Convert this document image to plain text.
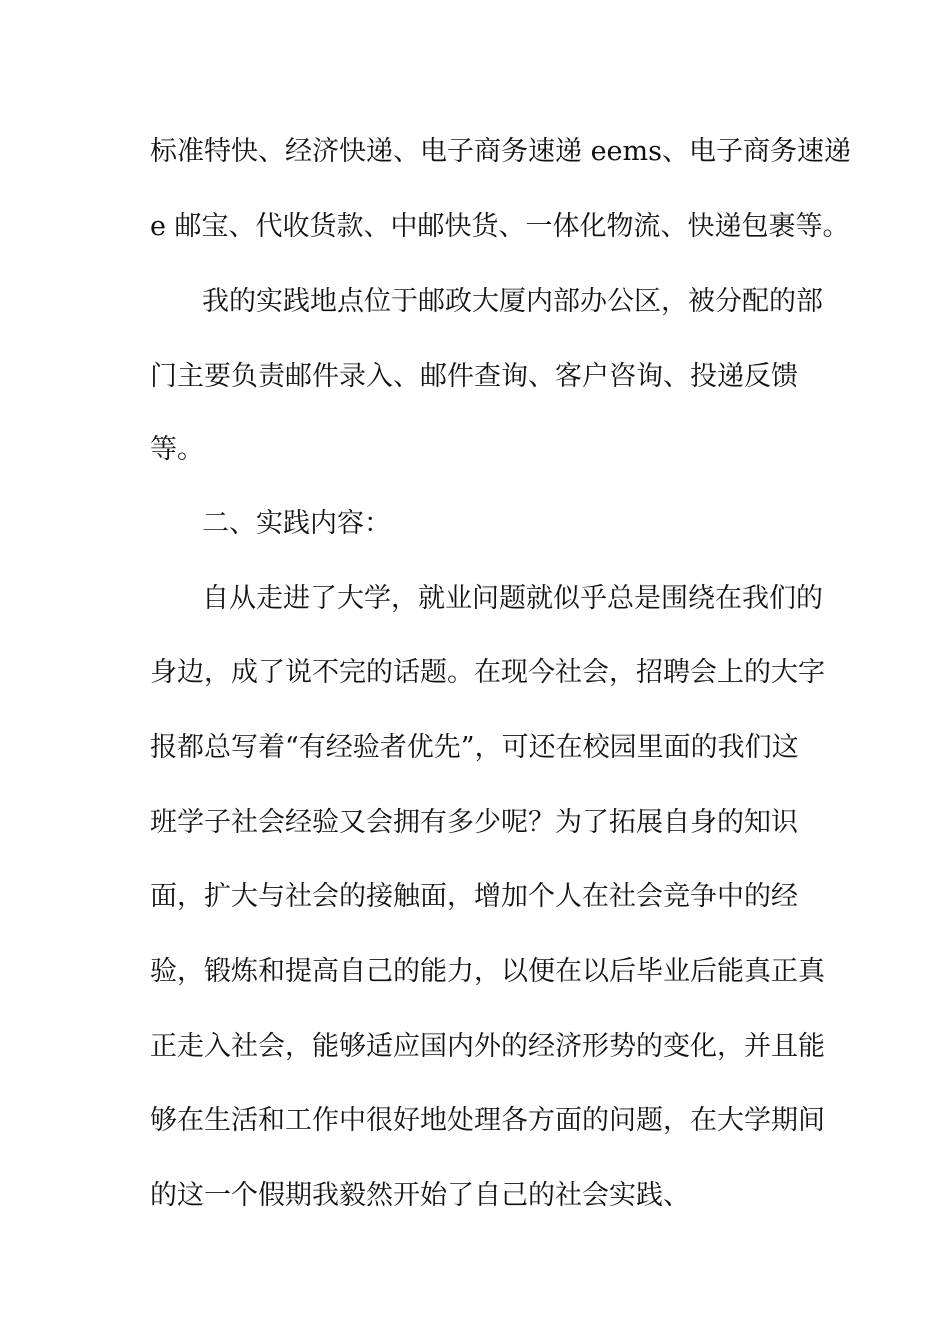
标准特快、经济快递、电子商务速递 eems、电子商务速递
e 邮宝、代收货款、中邮快货、一体化物流、快递包裹等。
我的实践地点位于邮政大厦内部办公区，被分配的部
门主要负责邮件录入、邮件查询、客户咨询、投递反馈
等。
二、实践内容：
自从走进了大学，就业问题就似乎总是围绕在我们的
身边，成了说不完的话题。在现今社会，招聘会上的大字
报都总写着“有经验者优先”，可还在校园里面的我们这
班学子社会经验又会拥有多少呢？为了拓展自身的知识
面，扩大与社会的接触面，增加个人在社会竞争中的经
验，锻炼和提高自己的能力，以便在以后毕业后能真正真
正走入社会，能够适应国内外的经济形势的变化，并且能
够在生活和工作中很好地处理各方面的问题，在大学期间
的这一个假期我毅然开始了自己的社会实践、
